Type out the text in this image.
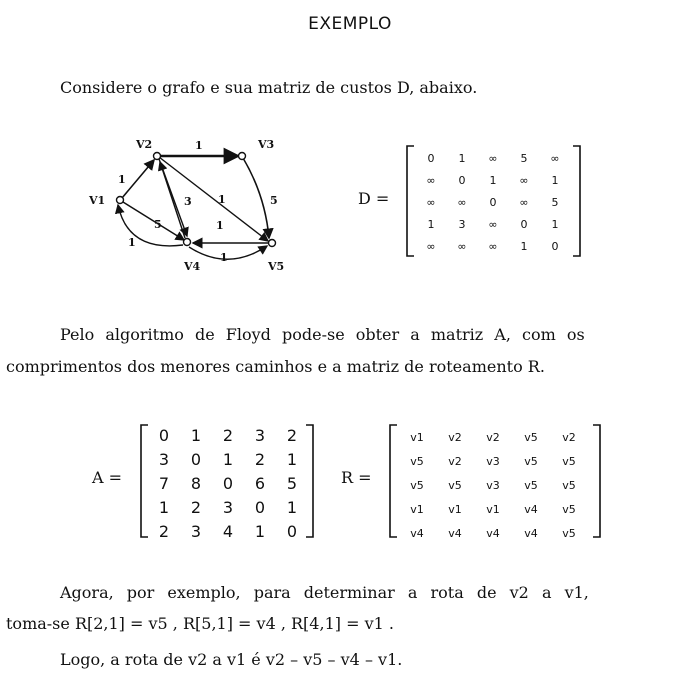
EXEMPLO
Considere o grafo e sua matriz de custos D, abaixo.
V1
V2	V3
V4	V5
1
1
5
1
3 1
5
1
1
D =
A =	R =
0 1 ∞ 5 ∞
∞ 0 1 ∞ 1
∞ ∞ 0 ∞ 5
1 3 ∞ 0 1
∞ ∞ ∞ 1 0
0 1 2 3 2
3 0 1 2 1
7 8 0 6 5
1 2 3 0 1
2 3 4 1 0
v1 v2 v2 v5 v2
v5 v2 v3 v5 v5
v5 v5 v3 v5 v5
v1 v1 v1 v4 v5
v4 v4 v4 v4 v5
Pelo algoritmo de Floyd pode-se obter a matriz A, com os
comprimentos dos menores caminhos e a matriz de roteamento R.
Agora, por exemplo, para determinar a rota de v2 a v1,
toma-se R[2,1] = v5 , R[5,1] = v4 , R[4,1] = v1 .
Logo, a rota de v2 a v1 é v2 – v5 – v4 – v1.
